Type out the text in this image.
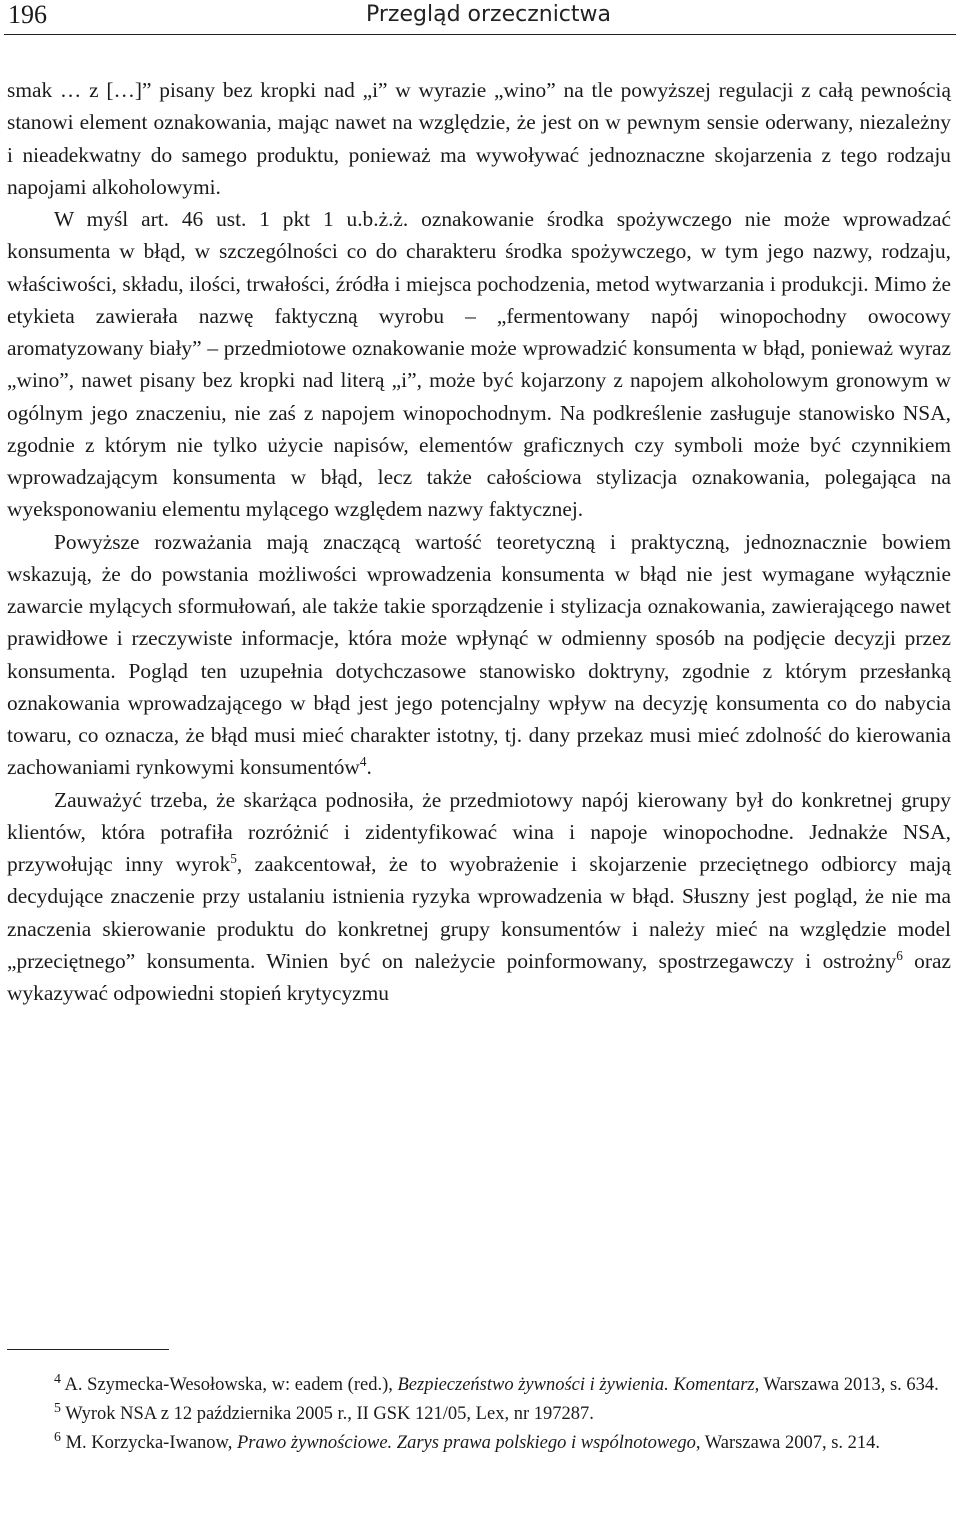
196	Przegląd orzecznictwa

smak … z […]” pisany bez kropki nad „i” w wyrazie „wino” na tle powyższej regulacji z całą pewnością stanowi element oznakowania, mając nawet na względzie, że jest on w pewnym sensie oderwany, niezależny i nieadekwatny do samego produktu, ponieważ ma wywoływać jednoznaczne skojarzenia z tego rodzaju napojami alkoholowymi.

W myśl art. 46 ust. 1 pkt 1 u.b.ż.ż. oznakowanie środka spożywczego nie może wprowadzać konsumenta w błąd, w szczególności co do charakteru środka spożywczego, w tym jego nazwy, rodzaju, właściwości, składu, ilości, trwałości, źródła i miejsca pochodzenia, metod wytwarzania i produkcji. Mimo że etykieta zawierała nazwę faktyczną wyrobu – „fermentowany napój winopochodny owocowy aromatyzowany biały” – przedmiotowe oznakowanie może wprowadzić konsumenta w błąd, ponieważ wyraz „wino”, nawet pisany bez kropki nad literą „i”, może być kojarzony z napojem alkoholowym gronowym w ogólnym jego znaczeniu, nie zaś z napojem winopochodnym. Na podkreślenie zasługuje stanowisko NSA, zgodnie z którym nie tylko użycie napisów, elementów graficznych czy symboli może być czynnikiem wprowadzającym konsumenta w błąd, lecz także całościowa stylizacja oznakowania, polegająca na wyeksponowaniu elementu mylącego względem nazwy faktycznej.

Powyższe rozważania mają znaczącą wartość teoretyczną i praktyczną, jednoznacznie bowiem wskazują, że do powstania możliwości wprowadzenia konsumenta w błąd nie jest wymagane wyłącznie zawarcie mylących sformułowań, ale także takie sporządzenie i stylizacja oznakowania, zawierającego nawet prawidłowe i rzeczywiste informacje, która może wpłynąć w odmienny sposób na podjęcie decyzji przez konsumenta. Pogląd ten uzupełnia dotychczasowe stanowisko doktryny, zgodnie z którym przesłanką oznakowania wprowadzającego w błąd jest jego potencjalny wpływ na decyzję konsumenta co do nabycia towaru, co oznacza, że błąd musi mieć charakter istotny, tj. dany przekaz musi mieć zdolność do kierowania zachowaniami rynkowymi konsumentów$^4$.

Zauważyć trzeba, że skarżąca podnosiła, że przedmiotowy napój kierowany był do konkretnej grupy klientów, która potrafiła rozróżnić i zidentyfikować wina i napoje winopochodne. Jednakże NSA, przywołując inny wyrok$^5$, zaakcentował, że to wyobrażenie i skojarzenie przeciętnego odbiorcy mają decydujące znaczenie przy ustalaniu istnienia ryzyka wprowadzenia w błąd. Słuszny jest pogląd, że nie ma znaczenia skierowanie produktu do konkretnej grupy konsumentów i należy mieć na względzie model „przeciętnego” konsumenta. Winien być on należycie poinformowany, spostrzegawczy i ostrożny$^6$ oraz wykazywać odpowiedni stopień krytycyzmu

$^4$ A. Szymecka-Wesołowska, w: eadem (red.), Bezpieczeństwo żywności i żywienia. Komentarz, Warszawa 2013, s. 634.

$^5$ Wyrok NSA z 12 października 2005 r., II GSK 121/05, Lex, nr 197287.

$^6$ M. Korzycka-Iwanow, Prawo żywnościowe. Zarys prawa polskiego i wspólnotowego, Warszawa 2007, s. 214.
